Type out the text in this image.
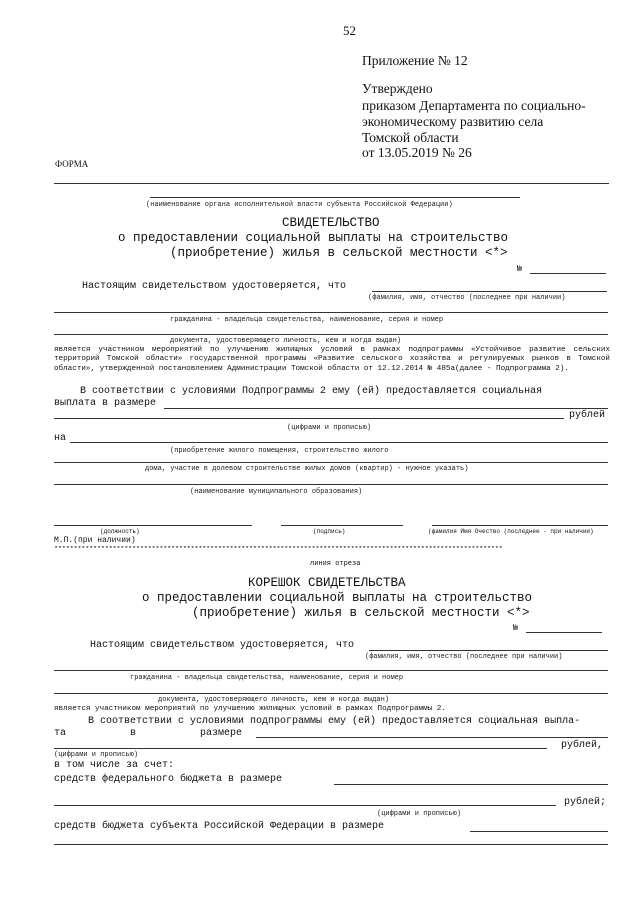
52
Приложение № 12
Утверждено
приказом Департамента по социально-
экономическому развитию села
Томской области
от 13.05.2019 № 26
ФОРМА
(наименование органа исполнительной власти субъекта Российской Федерации)
СВИДЕТЕЛЬСТВО
о предоставлении социальной выплаты на строительство
(приобретение) жилья в сельской местности <*>
№
Настоящим свидетельством удостоверяется, что
(фамилия, имя, отчество (последнее при наличии)
гражданина - владельца свидетельства, наименование, серия и номер
документа, удостоверяющего личность, кем и когда выдан)
является участником мероприятий по улучшению жилищных условий в рамках подпрограммы «Устойчивое развитие сельских территорий Томской области» государственной программы «Развитие сельского хозяйства и регулируемых рынков в Томской области», утвержденной постановлением Администрации Томской области от 12.12.2014 № 485а(далее - Подпрограмма 2).
В соответствии с условиями Подпрограммы 2 ему (ей) предоставляется социальная
выплата в размере
рублей
(цифрами и прописью)
на
(приобретение жилого помещения, строительство жилого
дома, участие в долевом строительстве жилых домов (квартир) - нужное указать)
(наименование муниципального образования)
(должность)	(подпись)	(фамилия Имя Очество (последнее - при наличии)
М.П.(при наличии)
*******************************************************************************************************************
линия отреза
КОРЕШОК СВИДЕТЕЛЬСТВА
о предоставлении социальной выплаты на строительство
(приобретение) жилья в сельской местности <*>
№
Настоящим свидетельством удостоверяется, что
(фамилия, имя, отчество (последнее при наличии)
гражданина - владельца свидетельства, наименование, серия и номер
документа, удостоверяющего личность, кем и когда выдан)
является участником мероприятий по улучшению жилищных условий в рамках Подпрограммы 2.
В соответствии с условиями подпрограммы ему (ей) предоставляется социальная выпла-
та	в	размере
рублей,
(цифрами и прописью)
в том числе за счет:
средств федерального бюджета в размере
рублей;
(цифрами и прописью)
средств бюджета субъекта Российской Федерации в размере
